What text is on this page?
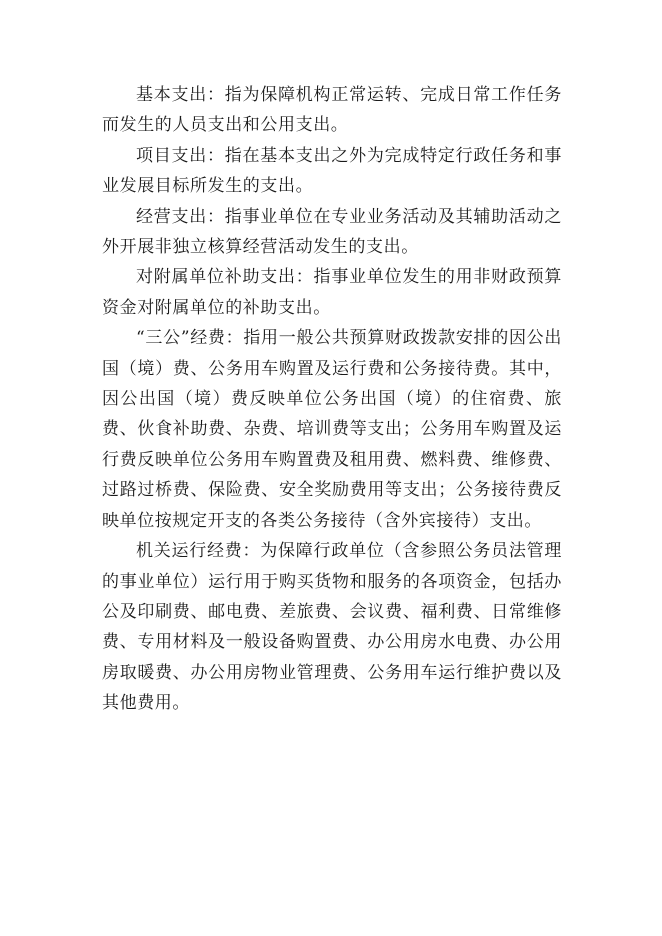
基本支出：指为保障机构正常运转、完成日常工作任务而发生的人员支出和公用支出。

项目支出：指在基本支出之外为完成特定行政任务和事业发展目标所发生的支出。

经营支出：指事业单位在专业业务活动及其辅助活动之外开展非独立核算经营活动发生的支出。

对附属单位补助支出：指事业单位发生的用非财政预算资金对附属单位的补助支出。

“三公”经费：指用一般公共预算财政拨款安排的因公出国（境）费、公务用车购置及运行费和公务接待费。其中，因公出国（境）费反映单位公务出国（境）的住宿费、旅费、伙食补助费、杂费、培训费等支出；公务用车购置及运行费反映单位公务用车购置费及租用费、燃料费、维修费、过路过桥费、保险费、安全奖励费用等支出；公务接待费反映单位按规定开支的各类公务接待（含外宾接待）支出。

机关运行经费：为保障行政单位（含参照公务员法管理的事业单位）运行用于购买货物和服务的各项资金，包括办公及印刷费、邮电费、差旅费、会议费、福利费、日常维修费、专用材料及一般设备购置费、办公用房水电费、办公用房取暖费、办公用房物业管理费、公务用车运行维护费以及其他费用。
